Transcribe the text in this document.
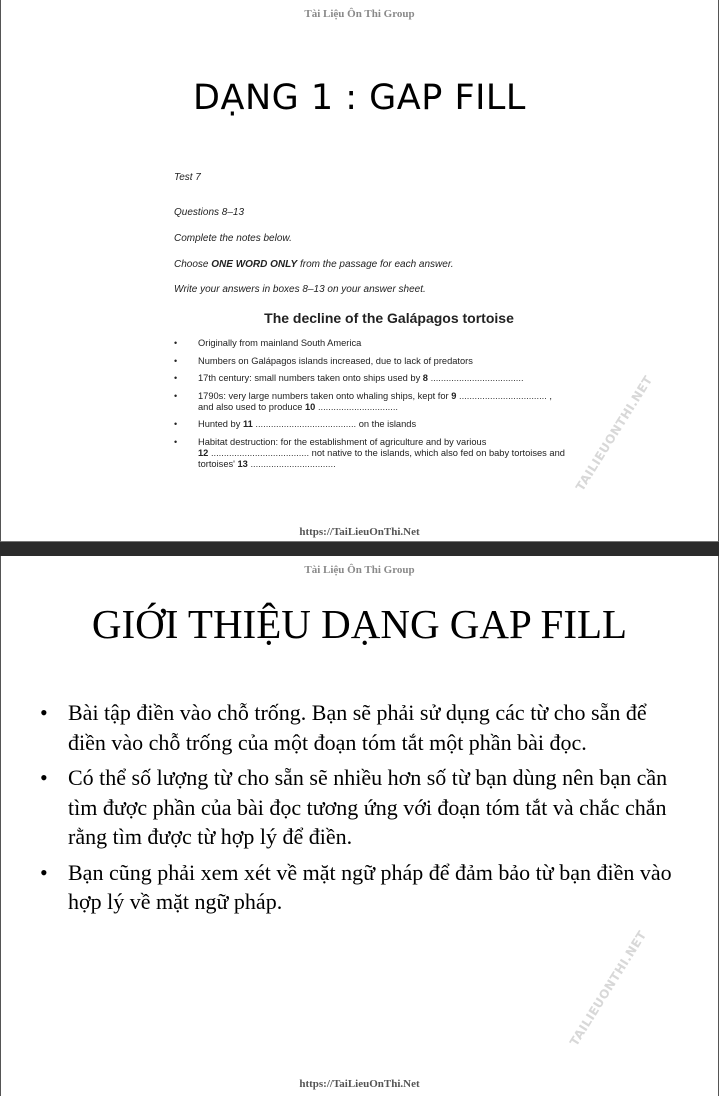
Tài Liệu Ôn Thi Group
DẠNG 1 : GAP FILL

Test 7

Questions 8–13

Complete the notes below.

Choose ONE WORD ONLY from the passage for each answer.

Write your answers in boxes 8–13 on your answer sheet.

The decline of the Galápagos tortoise
• Originally from mainland South America
• Numbers on Galápagos islands increased, due to lack of predators
• 17th century: small numbers taken onto ships used by 8 ....................................
• 1790s: very large numbers taken onto whaling ships, kept for 9 .................................. ,
and also used to produce 10 ...............................
• Hunted by 11 ....................................... on the islands
• Habitat destruction: for the establishment of agriculture and by various
12 ...................................... not native to the islands, which also fed on baby tortoises and
tortoises' 13 .................................	TAILIEUONTHI.NET
https://TaiLieuOnThi.Net
Tài Liệu Ôn Thi Group
GIỚI THIỆU DẠNG GAP FILL
• Bài tập điền vào chỗ trống. Bạn sẽ phải sử dụng các từ cho sẵn để điền vào chỗ trống của một đoạn tóm tắt một phần bài đọc.
• Có thể số lượng từ cho sẵn sẽ nhiều hơn số từ bạn dùng nên bạn cần tìm được phần của bài đọc tương ứng với đoạn tóm tắt và chắc chắn rằng tìm được từ hợp lý để điền.
• Bạn cũng phải xem xét về mặt ngữ pháp để đảm bảo từ bạn điền vào hợp lý về mặt ngữ pháp.
TAILIEUONTHI.NET
https://TaiLieuOnThi.Net
